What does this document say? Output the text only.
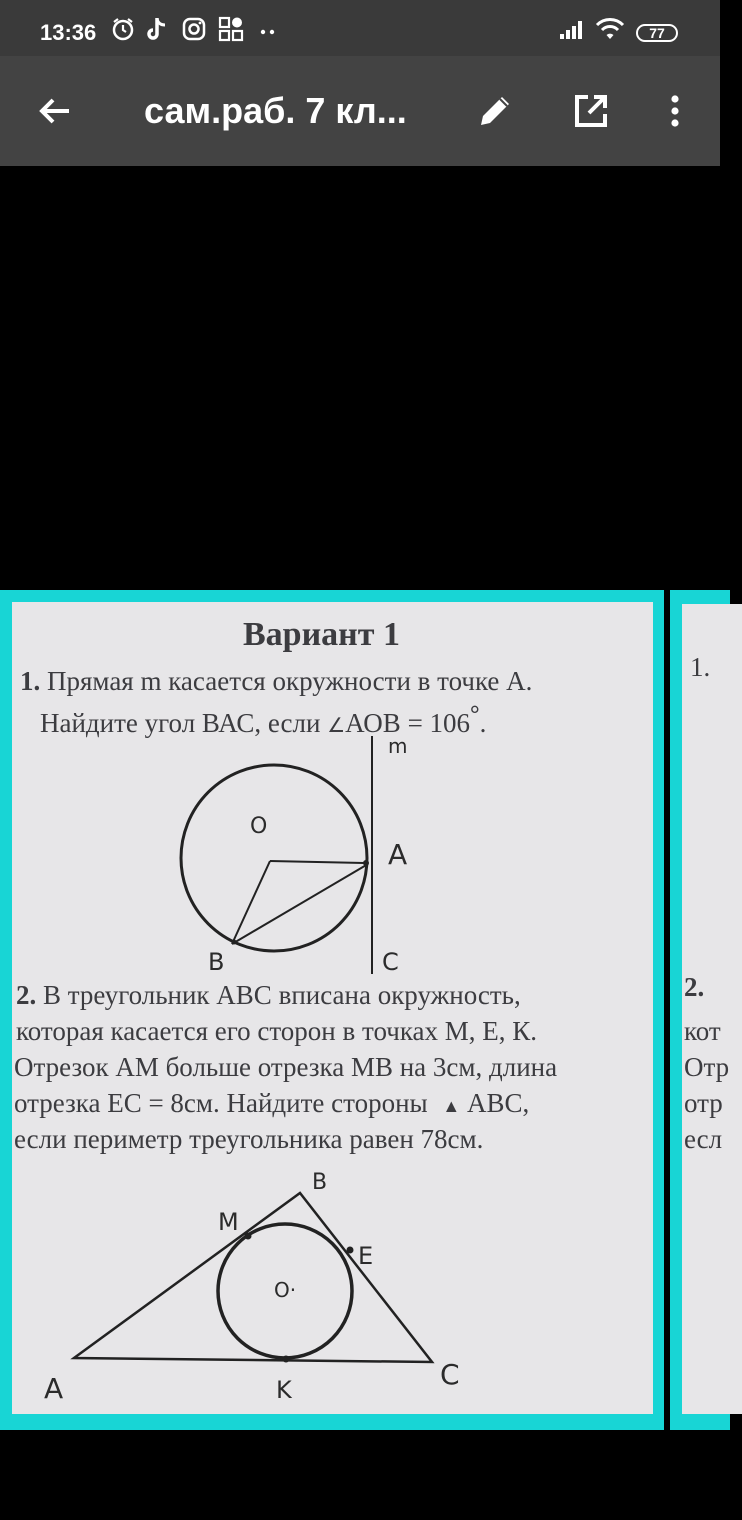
13:36	77
сам.раб. 7 кл...
Вариант 1
1. Прямая m касается окружности в точке А.
Найдите угол ВАС, если ∠АОВ = 106°.
m
O
A
B	C
2. В треугольник АВС вписана окружность,
которая касается его сторон в точках М, Е, К.
Отрезок АМ больше отрезка МВ на 3см, длина
отрезка ЕС = 8см. Найдите стороны ▲ АВС,
если периметр треугольника равен 78см.
B
M
E
O·
A	K	C
1.
2.
кот
Отр
отр
есл
